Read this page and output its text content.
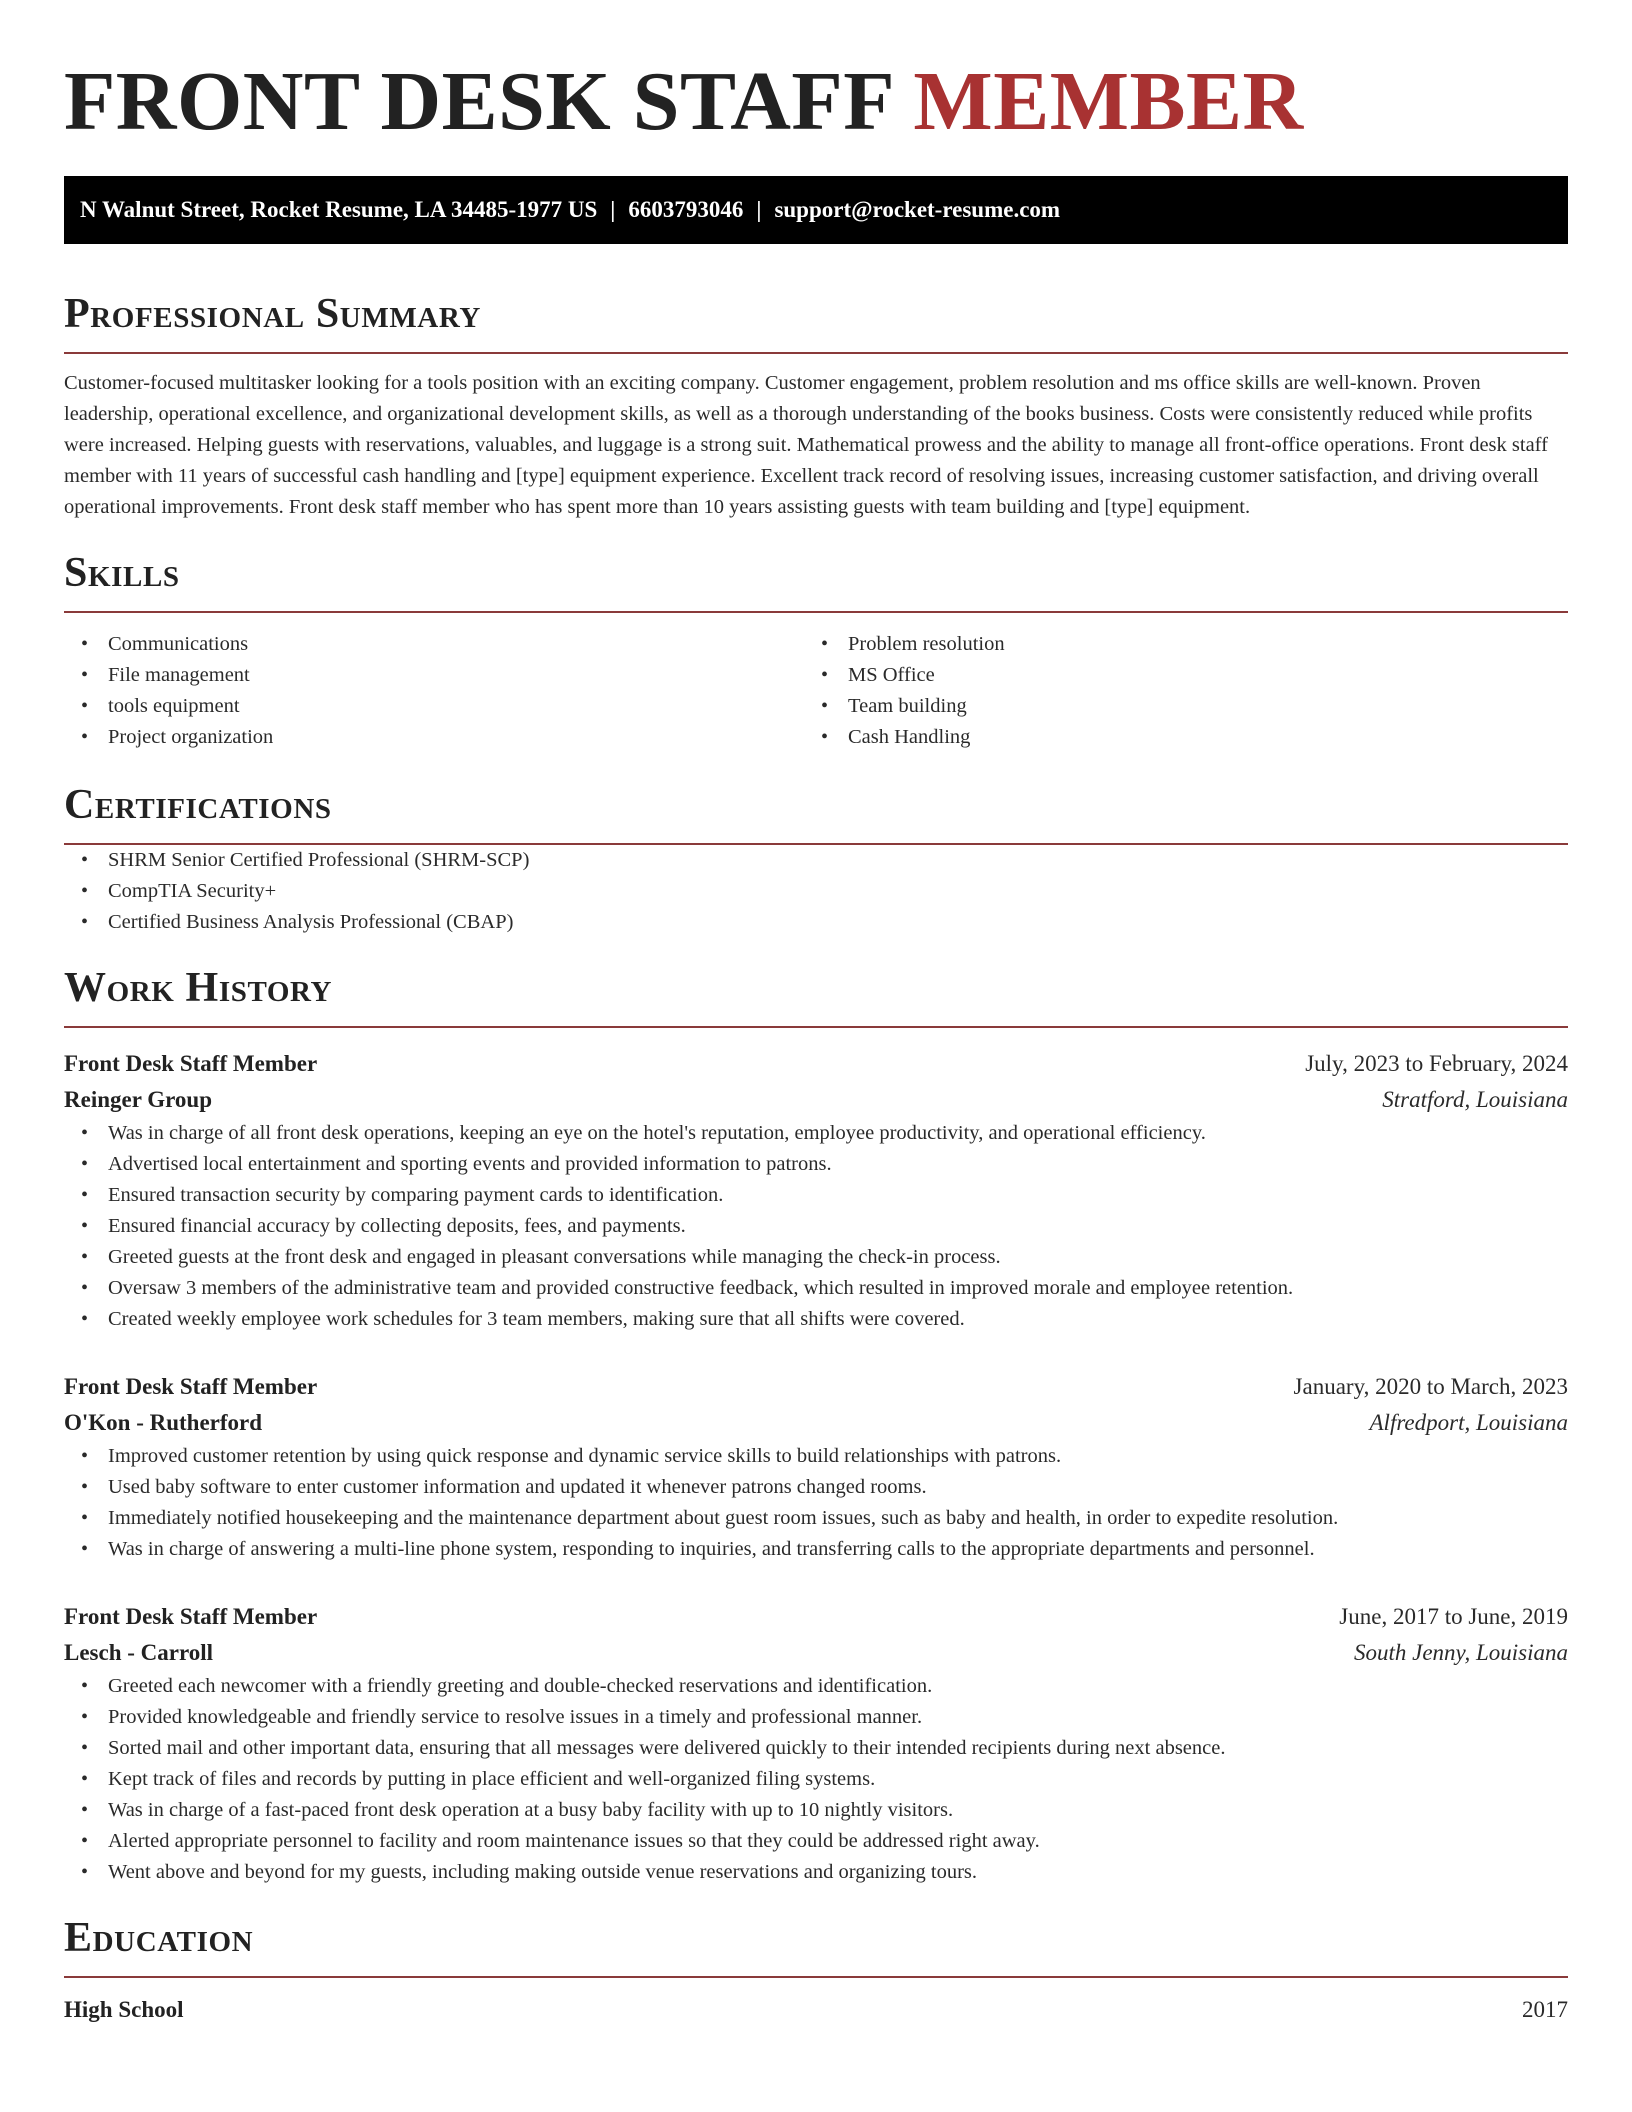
FRONT DESK STAFF MEMBER
N Walnut Street, Rocket Resume, LA 34485-1977 US | 6603793046 | support@rocket-resume.com
Professional Summary

Customer-focused multitasker looking for a tools position with an exciting company. Customer engagement, problem resolution and ms office skills are well-known. Proven leadership, operational excellence, and organizational development skills, as well as a thorough understanding of the books business. Costs were consistently reduced while profits were increased. Helping guests with reservations, valuables, and luggage is a strong suit. Mathematical prowess and the ability to manage all front-office operations. Front desk staff member with 11 years of successful cash handling and [type] equipment experience. Excellent track record of resolving issues, increasing customer satisfaction, and driving overall operational improvements. Front desk staff member who has spent more than 10 years assisting guests with team building and [type] equipment.

Skills
• Communications
• File management
• tools equipment
• Project organization
• Problem resolution
• MS Office
• Team building
• Cash Handling
Certifications
• SHRM Senior Certified Professional (SHRM-SCP)
• CompTIA Security+
• Certified Business Analysis Professional (CBAP)
Work History
Front Desk Staff Member	July, 2023 to February, 2024
Reinger Group	Stratford, Louisiana
• Was in charge of all front desk operations, keeping an eye on the hotel's reputation, employee productivity, and operational efficiency.
• Advertised local entertainment and sporting events and provided information to patrons.
• Ensured transaction security by comparing payment cards to identification.
• Ensured financial accuracy by collecting deposits, fees, and payments.
• Greeted guests at the front desk and engaged in pleasant conversations while managing the check-in process.
• Oversaw 3 members of the administrative team and provided constructive feedback, which resulted in improved morale and employee retention.
• Created weekly employee work schedules for 3 team members, making sure that all shifts were covered.
Front Desk Staff Member	January, 2020 to March, 2023
O'Kon - Rutherford	Alfredport, Louisiana
• Improved customer retention by using quick response and dynamic service skills to build relationships with patrons.
• Used baby software to enter customer information and updated it whenever patrons changed rooms.
• Immediately notified housekeeping and the maintenance department about guest room issues, such as baby and health, in order to expedite resolution.
• Was in charge of answering a multi-line phone system, responding to inquiries, and transferring calls to the appropriate departments and personnel.
Front Desk Staff Member	June, 2017 to June, 2019
Lesch - Carroll	South Jenny, Louisiana
• Greeted each newcomer with a friendly greeting and double-checked reservations and identification.
• Provided knowledgeable and friendly service to resolve issues in a timely and professional manner.
• Sorted mail and other important data, ensuring that all messages were delivered quickly to their intended recipients during next absence.
• Kept track of files and records by putting in place efficient and well-organized filing systems.
• Was in charge of a fast-paced front desk operation at a busy baby facility with up to 10 nightly visitors.
• Alerted appropriate personnel to facility and room maintenance issues so that they could be addressed right away.
• Went above and beyond for my guests, including making outside venue reservations and organizing tours.
Education
High School	2017
